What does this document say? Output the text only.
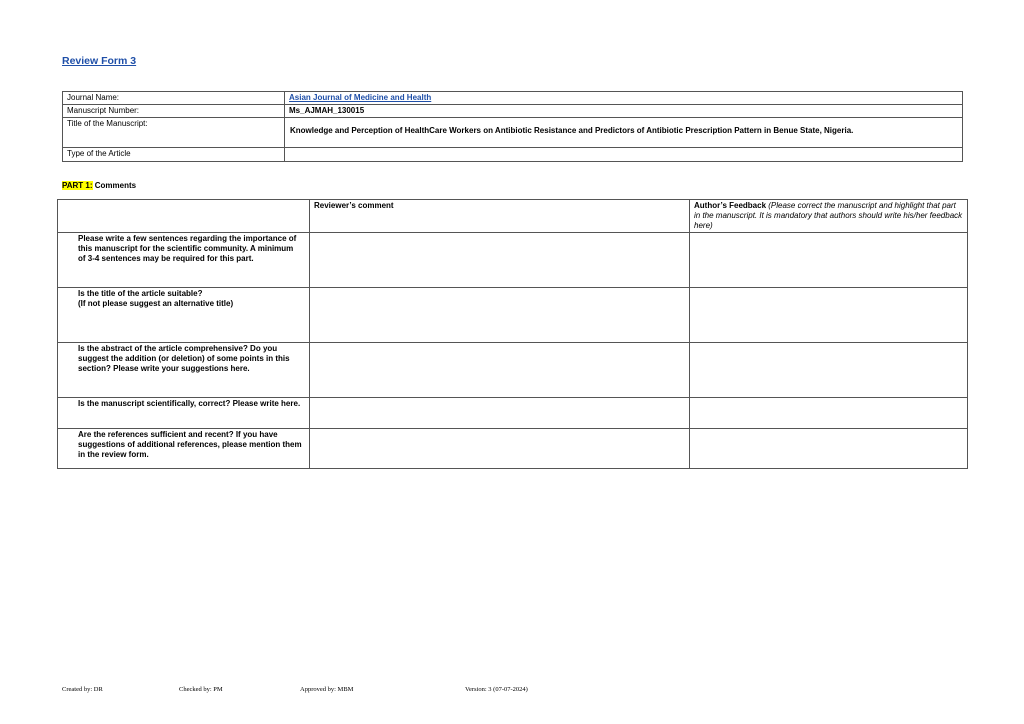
Review Form 3
Journal Name:	Asian Journal of Medicine and Health
Manuscript Number:	Ms_AJMAH_130015
Title of the Manuscript:	Knowledge and Perception of HealthCare Workers on Antibiotic Resistance and Predictors of Antibiotic Prescription Pattern in Benue State, Nigeria.

Type of the Article	
PART 1: Comments
	Reviewer’s comment	Author’s Feedback (Please correct the manuscript and highlight that part in the manuscript. It is mandatory that authors should write his/her feedback here)
Please write a few sentences regarding the importance of this manuscript for the scientific community. A minimum of 3-4 sentences may be required for this part.		
Is the title of the article suitable?
(If not please suggest an alternative title)		
Is the abstract of the article comprehensive? Do you suggest the addition (or deletion) of some points in this section? Please write your suggestions here.		
Is the manuscript scientifically, correct? Please write here.		
Are the references sufficient and recent? If you have suggestions of additional references, please mention them in the review form.		
Created by: DR	Checked by: PM	Approved by: MBM	Version: 3 (07-07-2024)
